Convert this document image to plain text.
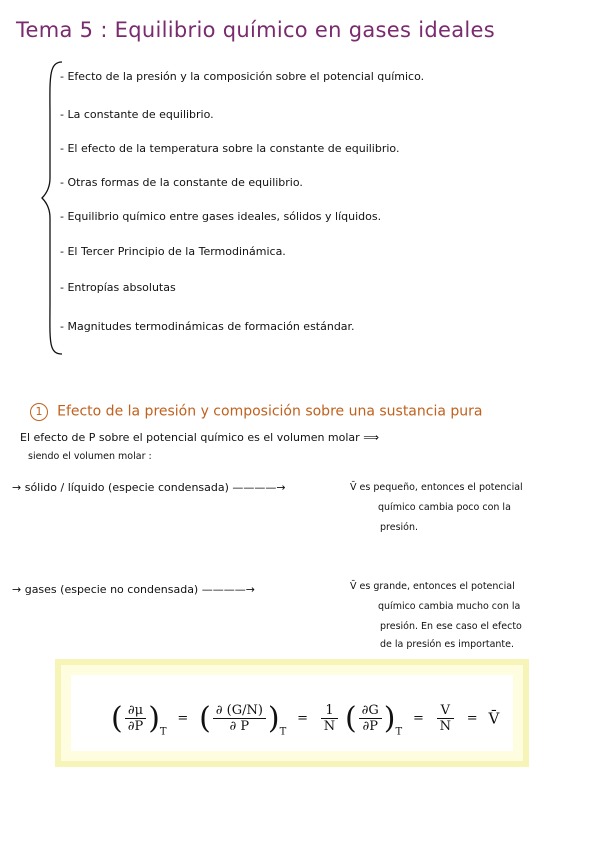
Tema 5 : Equilibrio químico en gases ideales
- Efecto de la presión y la composición sobre el potencial químico.
- La constante de equilibrio.
- El efecto de la temperatura sobre la constante de equilibrio.
- Otras formas de la constante de equilibrio.
- Equilibrio químico entre gases ideales, sólidos y líquidos.
- El Tercer Principio de la Termodinámica.
- Entropías absolutas
- Magnitudes termodinámicas de formación estándar.
1 Efecto de la presión y composición sobre una sustancia pura
El efecto de P sobre el potencial químico es el volumen molar ⟹
siendo el volumen molar :
→ sólido / líquido (especie condensada) ————→	V̄ es pequeño, entonces el potencial
químico cambia poco con la
presión.
→ gases (especie no condensada) ————→	V̄ es grande, entonces el potencial
químico cambia mucho con la
presión. En ese caso el efecto
de la presión es importante.
( $\frac{\partial\mu}{\partial P} )_T$ = ( $\frac{\partial (G/N)}{\partial P} )_T = \frac{1}{N}$ ( $\frac{\partial G}{\partial P} )_T = \frac{V}{N}$ = V̄
